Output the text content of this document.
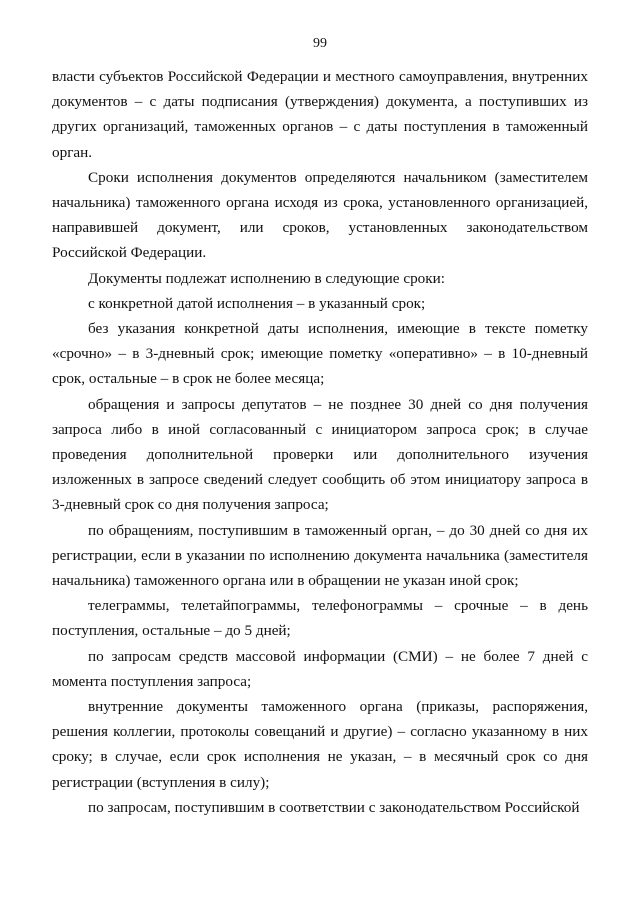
99

власти субъектов Российской Федерации и местного самоуправления, внутренних документов – с даты подписания (утверждения) документа, а поступивших из других организаций, таможенных органов – с даты поступления в таможенный орган.

Сроки исполнения документов определяются начальником (заместителем начальника) таможенного органа исходя из срока, установленного организацией, направившей документ, или сроков, установленных законодательством Российской Федерации.

Документы подлежат исполнению в следующие сроки:

с конкретной датой исполнения – в указанный срок;

без указания конкретной даты исполнения, имеющие в тексте пометку «срочно» – в 3-дневный срок; имеющие пометку «оперативно» – в 10-дневный срок, остальные – в срок не более месяца;

обращения и запросы депутатов – не позднее 30 дней со дня получения запроса либо в иной согласованный с инициатором запроса срок; в случае проведения дополнительной проверки или дополнительного изучения изложенных в запросе сведений следует сообщить об этом инициатору запроса в 3-дневный срок со дня получения запроса;

по обращениям, поступившим в таможенный орган, – до 30 дней со дня их регистрации, если в указании по исполнению документа начальника (заместителя начальника) таможенного органа или в обращении не указан иной срок;

телеграммы, телетайпограммы, телефонограммы – срочные – в день поступления, остальные – до 5 дней;

по запросам средств массовой информации (СМИ) – не более 7 дней с момента поступления запроса;

внутренние документы таможенного органа (приказы, распоряжения, решения коллегии, протоколы совещаний и другие) – согласно указанному в них сроку; в случае, если срок исполнения не указан, – в месячный срок со дня регистрации (вступления в силу);

по запросам, поступившим в соответствии с законодательством Российской
